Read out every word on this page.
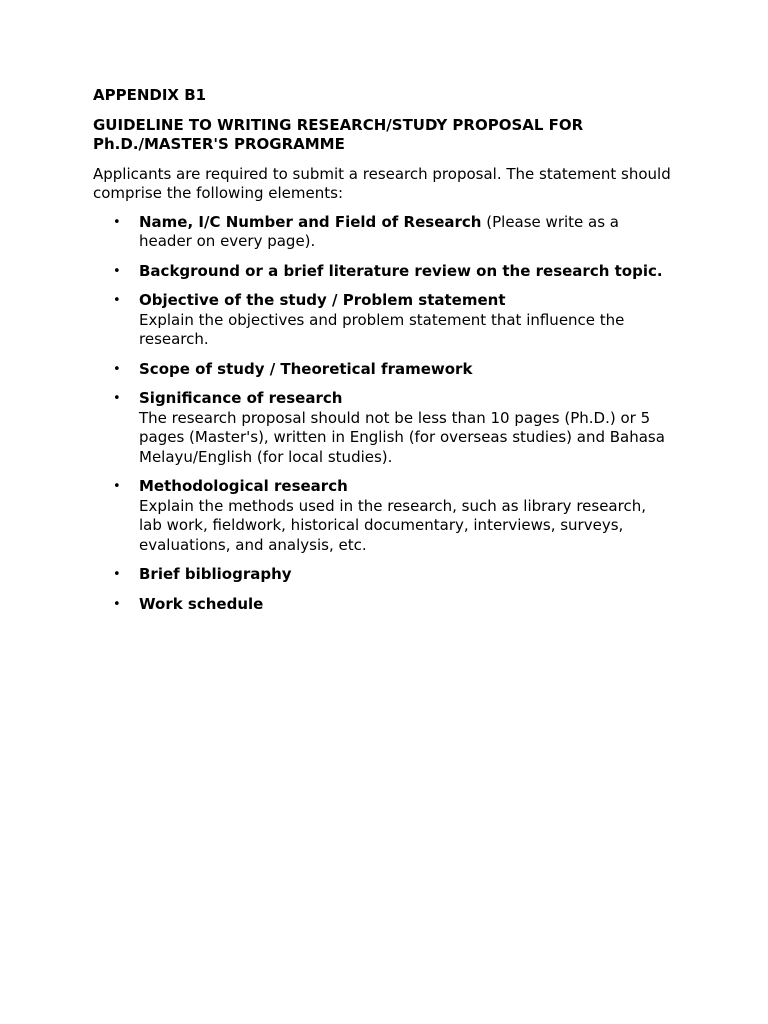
APPENDIX B1

GUIDELINE TO WRITING RESEARCH/STUDY PROPOSAL FOR
Ph.D./MASTER'S PROGRAMME

Applicants are required to submit a research proposal. The statement should comprise the following elements:

• Name, I/C Number and Field of Research (Please write as a header on every page).
• Background or a brief literature review on the research topic.
• Objective of the study / Problem statement
Explain the objectives and problem statement that influence the research.
• Scope of study / Theoretical framework
• Significance of research
The research proposal should not be less than 10 pages (Ph.D.) or 5 pages (Master's), written in English (for overseas studies) and Bahasa Melayu/English (for local studies).
• Methodological research
Explain the methods used in the research, such as library research, lab work, fieldwork, historical documentary, interviews, surveys, evaluations, and analysis, etc.
• Brief bibliography
• Work schedule
